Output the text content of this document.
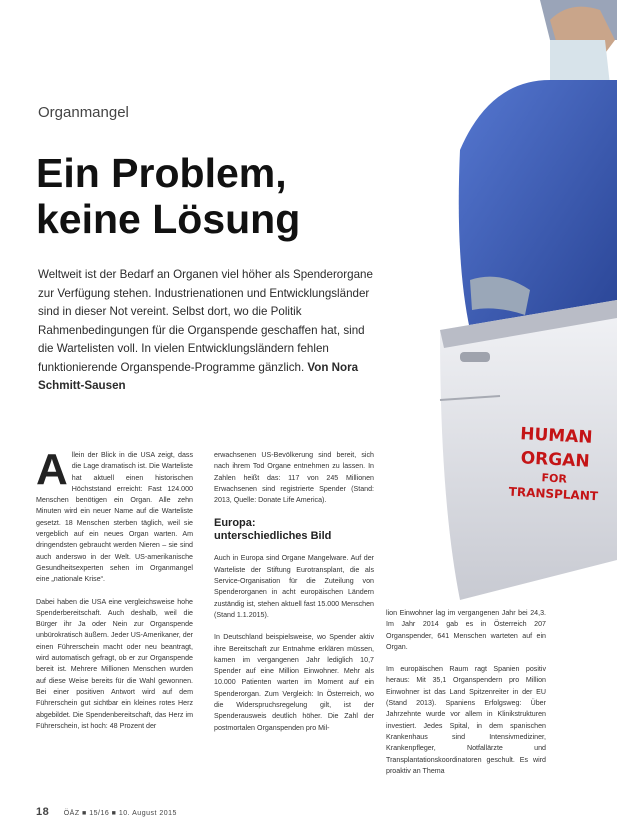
Organmangel
Ein Problem,
keine Lösung
Weltweit ist der Bedarf an Organen viel höher als Spenderorgane zur Verfügung stehen. Industrienationen und Entwicklungsländer sind in dieser Not vereint. Selbst dort, wo die Politik Rahmenbedingungen für die Organspende geschaffen hat, sind die Wartelisten voll. In vielen Entwicklungsländern fehlen funktionierende Organspende-Programme gänzlich. Von Nora Schmitt-Sausen

A llein der Blick in die USA zeigt, dass die Lage dramatisch ist. Die Warteliste hat aktuell einen historischen Höchststand erreicht: Fast 124.000 Menschen benötigen ein Organ. Alle zehn Minuten wird ein neuer Name auf die Warteliste gesetzt. 18 Menschen sterben täglich, weil sie vergeblich auf ein neues Organ warten. Am dringendsten gebraucht werden Nieren – sie sind auch anderswo in der Welt. US-amerikanische Gesundheitsexperten sehen im Organmangel eine „nationale Krise“.

Dabei haben die USA eine vergleichsweise hohe Spenderbereitschaft. Auch deshalb, weil die Bürger ihr Ja oder Nein zur Organspende unbürokratisch äußern. Jeder US-Amerikaner, der einen Führerschein macht oder neu beantragt, wird automatisch gefragt, ob er zur Organspende bereit ist. Mehrere Millionen Menschen wurden auf diese Weise bereits für die Wahl gewonnen. Bei einer positiven Antwort wird auf dem Führerschein gut sichtbar ein kleines rotes Herz abgebildet. Die Spendenbereitschaft, das Herz im Führerschein, ist hoch: 48 Prozent der

erwachsenen US-Bevölkerung sind bereit, sich nach ihrem Tod Organe entnehmen zu lassen. In Zahlen heißt das: 117 von 245 Millionen Erwachsenen sind registrierte Spender (Stand: 2013, Quelle: Donate Life America).

Europa:
unterschiedliches Bild

Auch in Europa sind Organe Mangelware. Auf der Warteliste der Stiftung Eurotransplant, die als Service-Organisation für die Zuteilung von Spenderorganen in acht europäischen Ländern zuständig ist, stehen aktuell fast 15.000 Menschen (Stand 1.1.2015).

In Deutschland beispielsweise, wo Spender aktiv ihre Bereitschaft zur Entnahme erklären müssen, kamen im vergangenen Jahr lediglich 10,7 Spender auf eine Million Einwohner. Mehr als 10.000 Patienten warten im Moment auf ein Spenderorgan. Zum Vergleich: In Österreich, wo die Widerspruchsregelung gilt, ist der Spenderausweis deutlich höher. Die Zahl der postmortalen Organspenden pro Mil-

lion Einwohner lag im vergangenen Jahr bei 24,3. Im Jahr 2014 gab es in Österreich 207 Organspender, 641 Menschen warteten auf ein Organ.

Im europäischen Raum ragt Spanien positiv heraus: Mit 35,1 Organspendern pro Million Einwohner ist das Land Spitzenreiter in der EU (Stand 2013). Spaniens Erfolgsweg: Über Jahrzehnte wurde vor allem in Klinikstrukturen investiert. Jedes Spital, in dem spanischen Krankenhaus sind Intensivmediziner, Krankenpfleger, Notfallärzte und Transplantationskoordinatoren geschult. Es wird proaktiv an Thema

HUMAN
ORGAN
FOR
TRANSPLANT
18 ÖÄZ ■ 15/16 ■ 10. August 2015
